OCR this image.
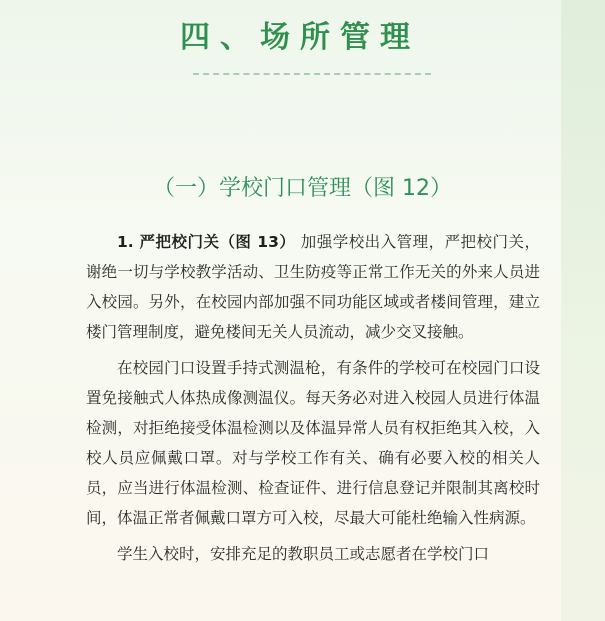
四、场所管理
（一）学校门口管理（图 12）

1. 严把校门关（图 13） 加强学校出入管理，严把校门关，谢绝一切与学校教学活动、卫生防疫等正常工作无关的外来人员进入校园。另外，在校园内部加强不同功能区域或者楼间管理，建立楼门管理制度，避免楼间无关人员流动，减少交叉接触。

在校园门口设置手持式测温枪，有条件的学校可在校园门口设置免接触式人体热成像测温仪。每天务必对进入校园人员进行体温检测，对拒绝接受体温检测以及体温异常人员有权拒绝其入校，入校人员应佩戴口罩。对与学校工作有关、确有必要入校的相关人员，应当进行体温检测、检查证件、进行信息登记并限制其离校时间，体温正常者佩戴口罩方可入校，尽最大可能杜绝输入性病源。

学生入校时，安排充足的教职员工或志愿者在学校门口
